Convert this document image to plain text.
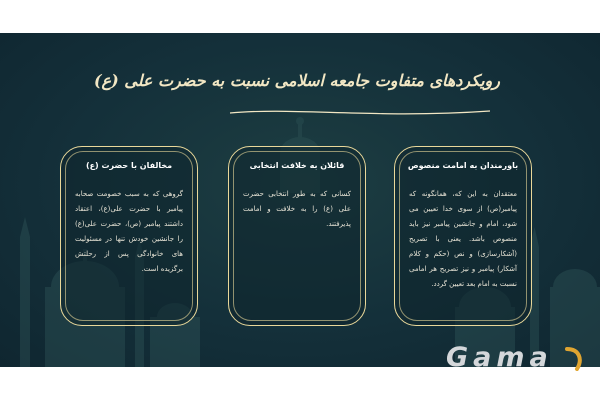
رویکردهای متفاوت جامعه اسلامی نسبت به حضرت علی (ع)
باورمندان به امامت منصوص
معتقدان به این که، همانگونه که پیامبر(ص) از سوی خدا تعیین می شود، امام و جانشین پیامبر نیز باید منصوص باشد. یعنی با تصریح (آشکارسازی) و نص (حکم و کلام آشکار) پیامبر و نیز تصریح هر امامی نسبت به امام بعد تعیین گردد.
قائلان به خلافت انتخابی
کسانی که به طور انتخابی حضرت علی (ع) را به خلافت و امامت پذیرفتند.
مخالفان با حضرت (ع)
گروهی که به سبب خصومت صحابه پیامبر با حضرت علی(ع)، اعتقاد داشتند پیامبر (ص)، حضرت علی(ع) را جانشین خودش تنها در مسئولیت های خانوادگی پس از رحلتش برگزیده است.
Gama
